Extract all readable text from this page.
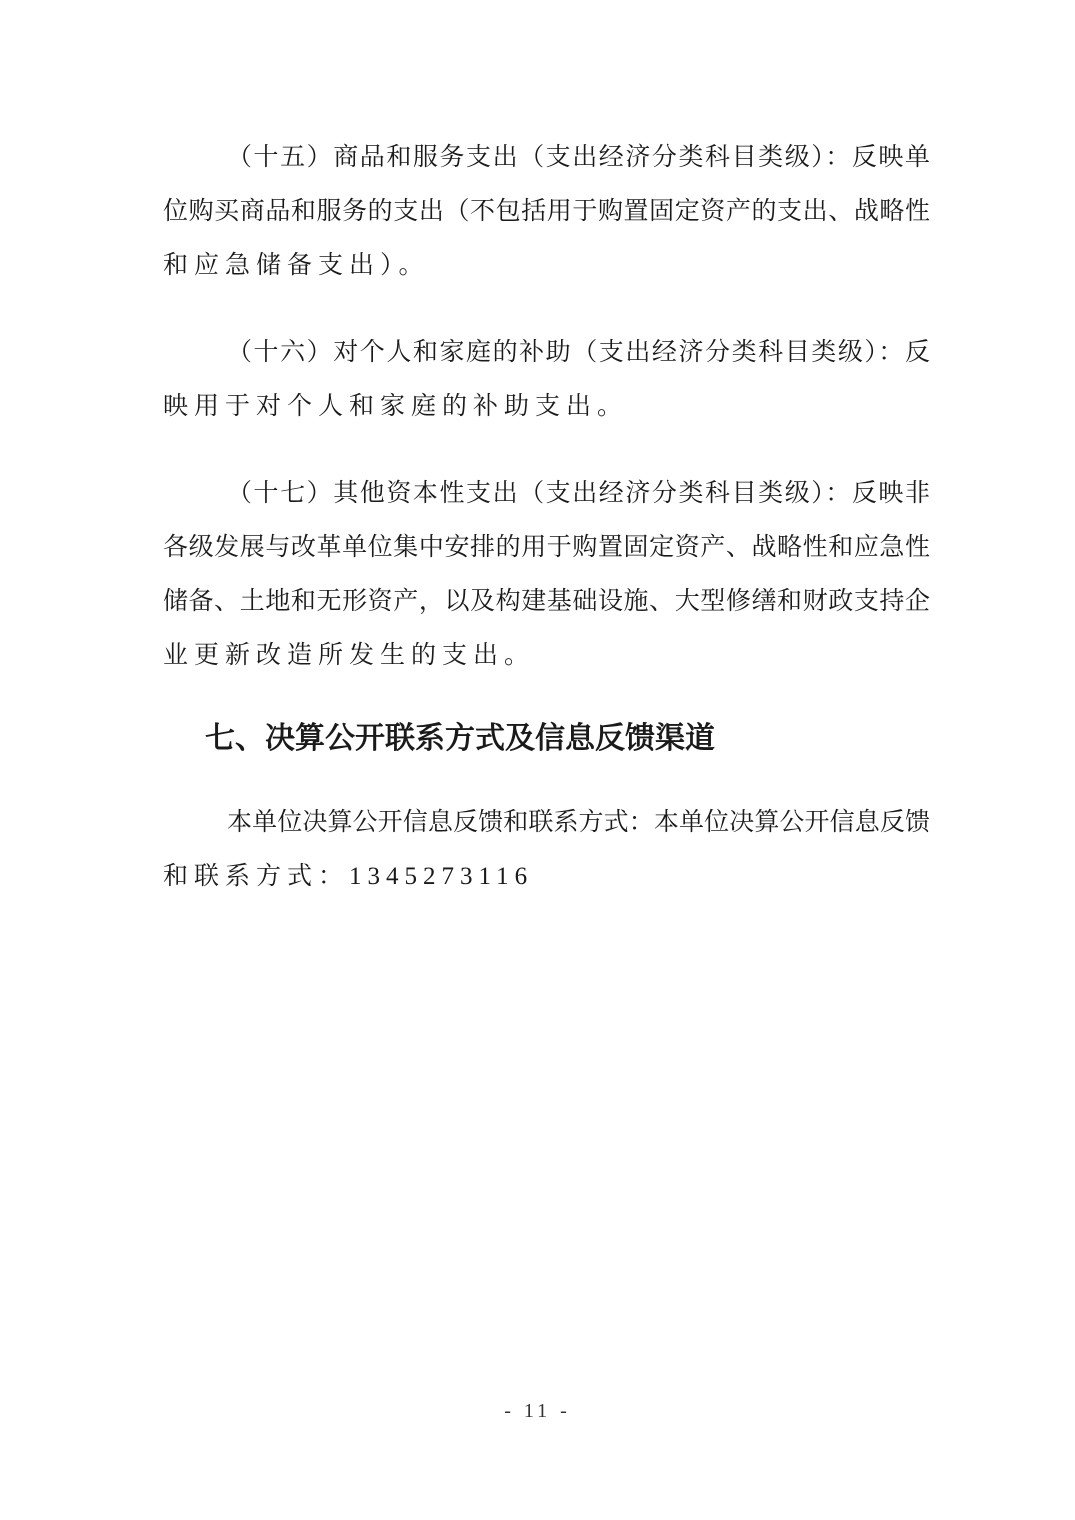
（十五）商品和服务支出（支出经济分类科目类级）：反映单
位购买商品和服务的支出（不包括用于购置固定资产的支出、战略性
和应急储备支出）。
（十六）对个人和家庭的补助（支出经济分类科目类级）：反
映用于对个人和家庭的补助支出。
（十七）其他资本性支出（支出经济分类科目类级）：反映非
各级发展与改革单位集中安排的用于购置固定资产、战略性和应急性
储备、土地和无形资产，以及构建基础设施、大型修缮和财政支持企
业更新改造所发生的支出。
七、决算公开联系方式及信息反馈渠道
本单位决算公开信息反馈和联系方式：本单位决算公开信息反馈
和联系方式：1345273116
- 11 -
